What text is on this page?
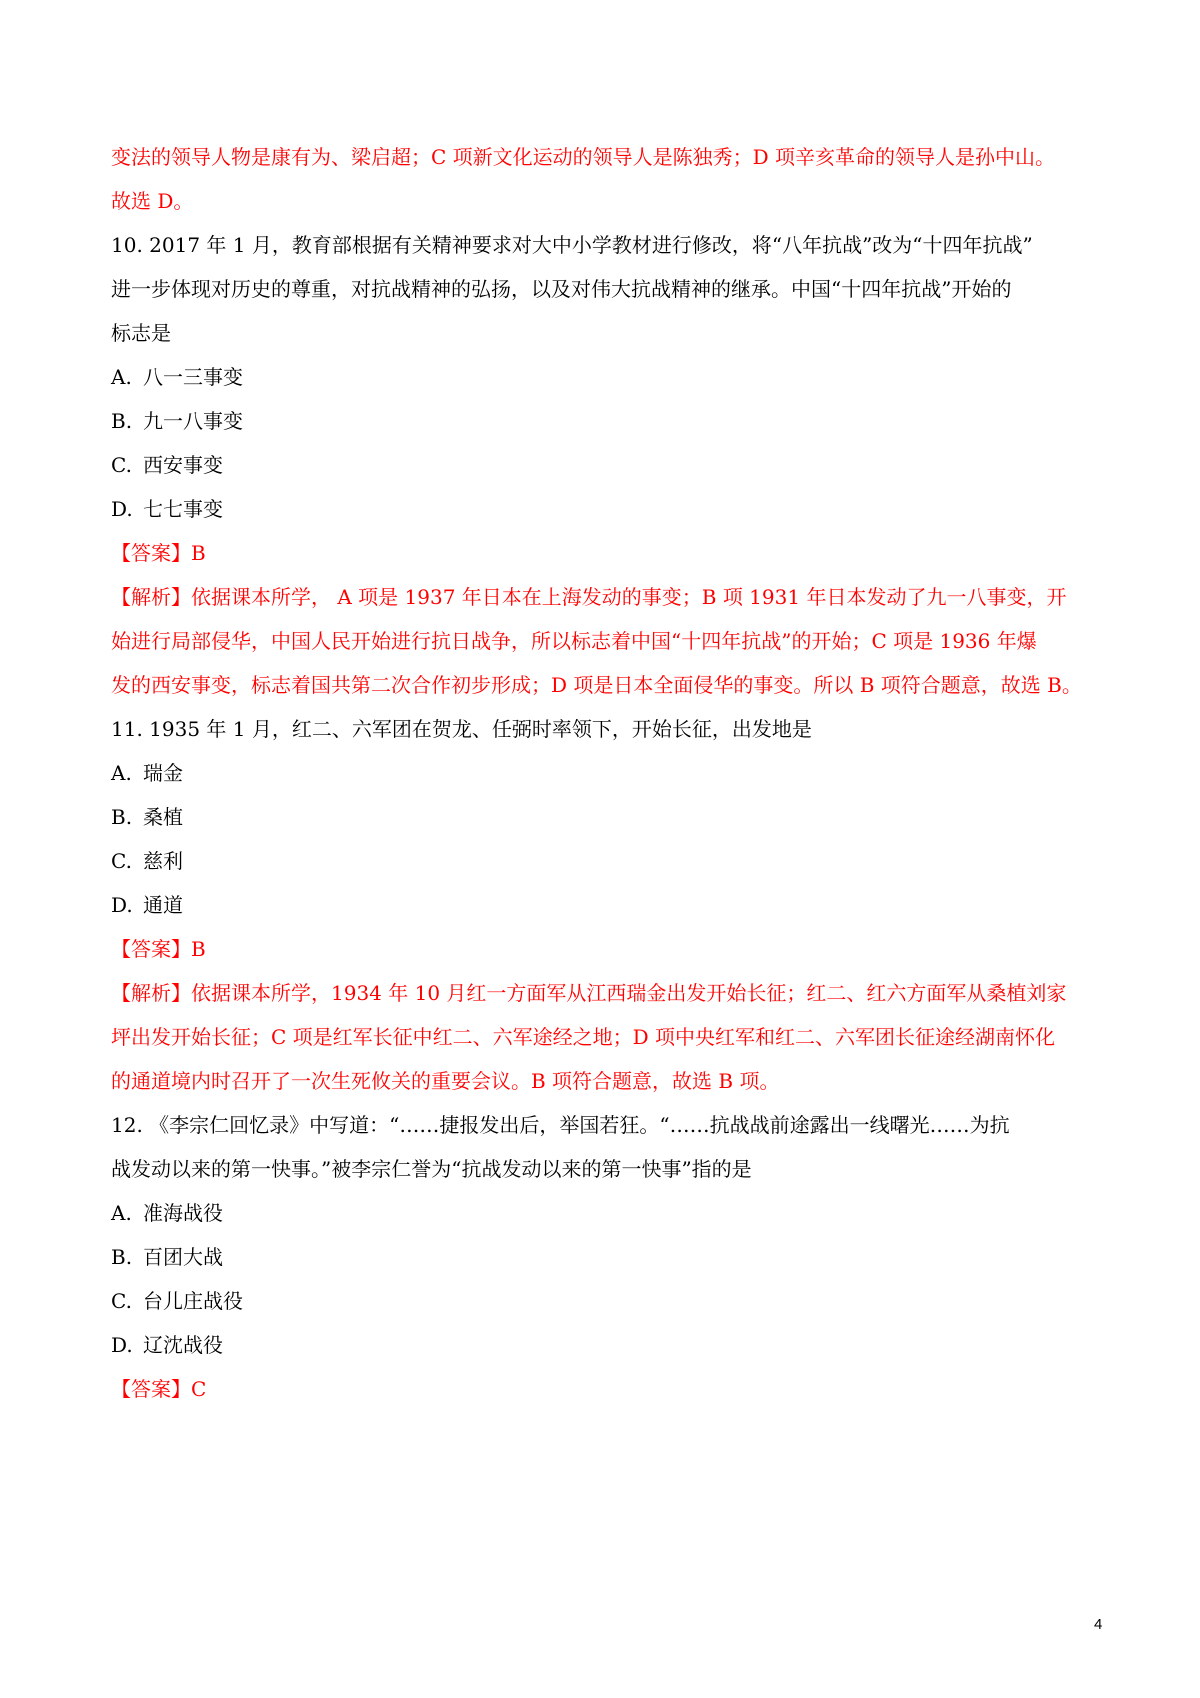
变法的领导人物是康有为、梁启超；C 项新文化运动的领导人是陈独秀；D 项辛亥革命的领导人是孙中山。
故选 D。
10. 2017 年 1 月，教育部根据有关精神要求对大中小学教材进行修改，将“八年抗战”改为“十四年抗战”
进一步体现对历史的尊重，对抗战精神的弘扬，以及对伟大抗战精神的继承。中国“十四年抗战”开始的
标志是
A. 八一三事变
B. 九一八事变
C. 西安事变
D. 七七事变
【答案】B
【解析】依据课本所学， A 项是 1937 年日本在上海发动的事变；B 项 1931 年日本发动了九一八事变，开
始进行局部侵华，中国人民开始进行抗日战争，所以标志着中国“十四年抗战”的开始；C 项是 1936 年爆
发的西安事变，标志着国共第二次合作初步形成；D 项是日本全面侵华的事变。所以 B 项符合题意，故选 B。
11. 1935 年 1 月，红二、六军团在贺龙、任弼时率领下，开始长征，出发地是
A. 瑞金
B. 桑植
C. 慈利
D. 通道
【答案】B
【解析】依据课本所学，1934 年 10 月红一方面军从江西瑞金出发开始长征；红二、红六方面军从桑植刘家
坪出发开始长征；C 项是红军长征中红二、六军途经之地；D 项中央红军和红二、六军团长征途经湖南怀化
的通道境内时召开了一次生死攸关的重要会议。B 项符合题意，故选 B 项。
12. 《李宗仁回忆录》中写道：“……捷报发出后，举国若狂。“……抗战战前途露出一线曙光……为抗
战发动以来的第一快事。”被李宗仁誉为“抗战发动以来的第一快事”指的是
A. 准海战役
B. 百团大战
C. 台儿庄战役
D. 辽沈战役
【答案】C
4
